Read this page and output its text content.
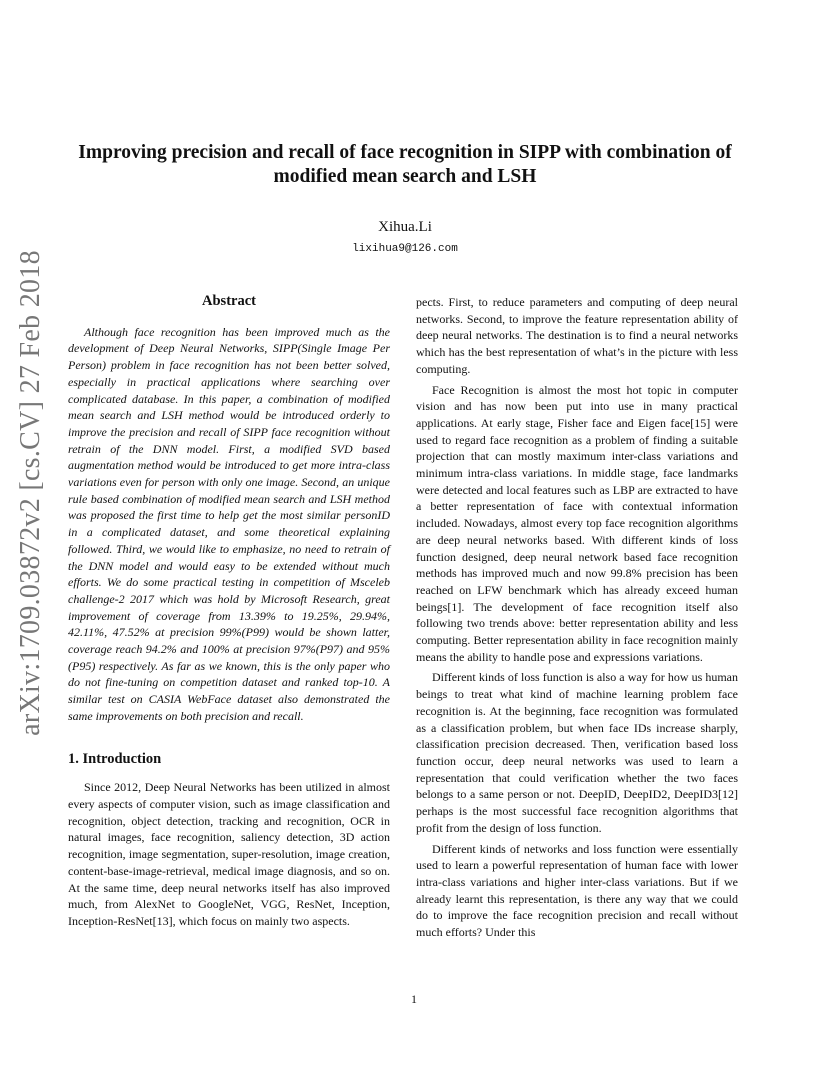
arXiv:1709.03872v2 [cs.CV] 27 Feb 2018
Improving precision and recall of face recognition in SIPP with combination of modified mean search and LSH
Xihua.Li
lixihua9@126.com
Abstract

Although face recognition has been improved much as the development of Deep Neural Networks, SIPP(Single Image Per Person) problem in face recognition has not been better solved, especially in practical applications where searching over complicated database. In this paper, a combination of modified mean search and LSH method would be introduced orderly to improve the precision and recall of SIPP face recognition without retrain of the DNN model. First, a modified SVD based augmentation method would be introduced to get more intra-class variations even for person with only one image. Second, an unique rule based combination of modified mean search and LSH method was proposed the first time to help get the most similar personID in a complicated dataset, and some theoretical explaining followed. Third, we would like to emphasize, no need to retrain of the DNN model and would easy to be extended without much efforts. We do some practical testing in competition of Msceleb challenge-2 2017 which was hold by Microsoft Research, great improvement of coverage from 13.39% to 19.25%, 29.94%, 42.11%, 47.52% at precision 99%(P99) would be shown latter, coverage reach 94.2% and 100% at precision 97%(P97) and 95%(P95) respectively. As far as we known, this is the only paper who do not fine-tuning on competition dataset and ranked top-10. A similar test on CASIA WebFace dataset also demonstrated the same improvements on both precision and recall.

1. Introduction

Since 2012, Deep Neural Networks has been utilized in almost every aspects of computer vision, such as image classification and recognition, object detection, tracking and recognition, OCR in natural images, face recognition, saliency detection, 3D action recognition, image segmentation, super-resolution, image creation, content-base-image-retrieval, medical image diagnosis, and so on. At the same time, deep neural networks itself has also improved much, from AlexNet to GoogleNet, VGG, ResNet, Inception, Inception-ResNet[13], which focus on mainly two aspects.

pects. First, to reduce parameters and computing of deep neural networks. Second, to improve the feature representation ability of deep neural networks. The destination is to find a neural networks which has the best representation of what’s in the picture with less computing.

Face Recognition is almost the most hot topic in computer vision and has now been put into use in many practical applications. At early stage, Fisher face and Eigen face[15] were used to regard face recognition as a problem of finding a suitable projection that can mostly maximum inter-class variations and minimum intra-class variations. In middle stage, face landmarks were detected and local features such as LBP are extracted to have a better representation of face with contextual information included. Nowadays, almost every top face recognition algorithms are deep neural networks based. With different kinds of loss function designed, deep neural network based face recognition methods has improved much and now 99.8% precision has been reached on LFW benchmark which has already exceed human beings[1]. The development of face recognition itself also following two trends above: better representation ability and less computing. Better representation ability in face recognition mainly means the ability to handle pose and expressions variations.

Different kinds of loss function is also a way for how us human beings to treat what kind of machine learning problem face recognition is. At the beginning, face recognition was formulated as a classification problem, but when face IDs increase sharply, classification precision decreased. Then, verification based loss function occur, deep neural networks was used to learn a representation that could verification whether the two faces belongs to a same person or not. DeepID, DeepID2, DeepID3[12] perhaps is the most successful face recognition algorithms that profit from the design of loss function.

Different kinds of networks and loss function were essentially used to learn a powerful representation of human face with lower intra-class variations and higher inter-class variations. But if we already learnt this representation, is there any way that we could do to improve the face recognition precision and recall without much efforts? Under this

1
